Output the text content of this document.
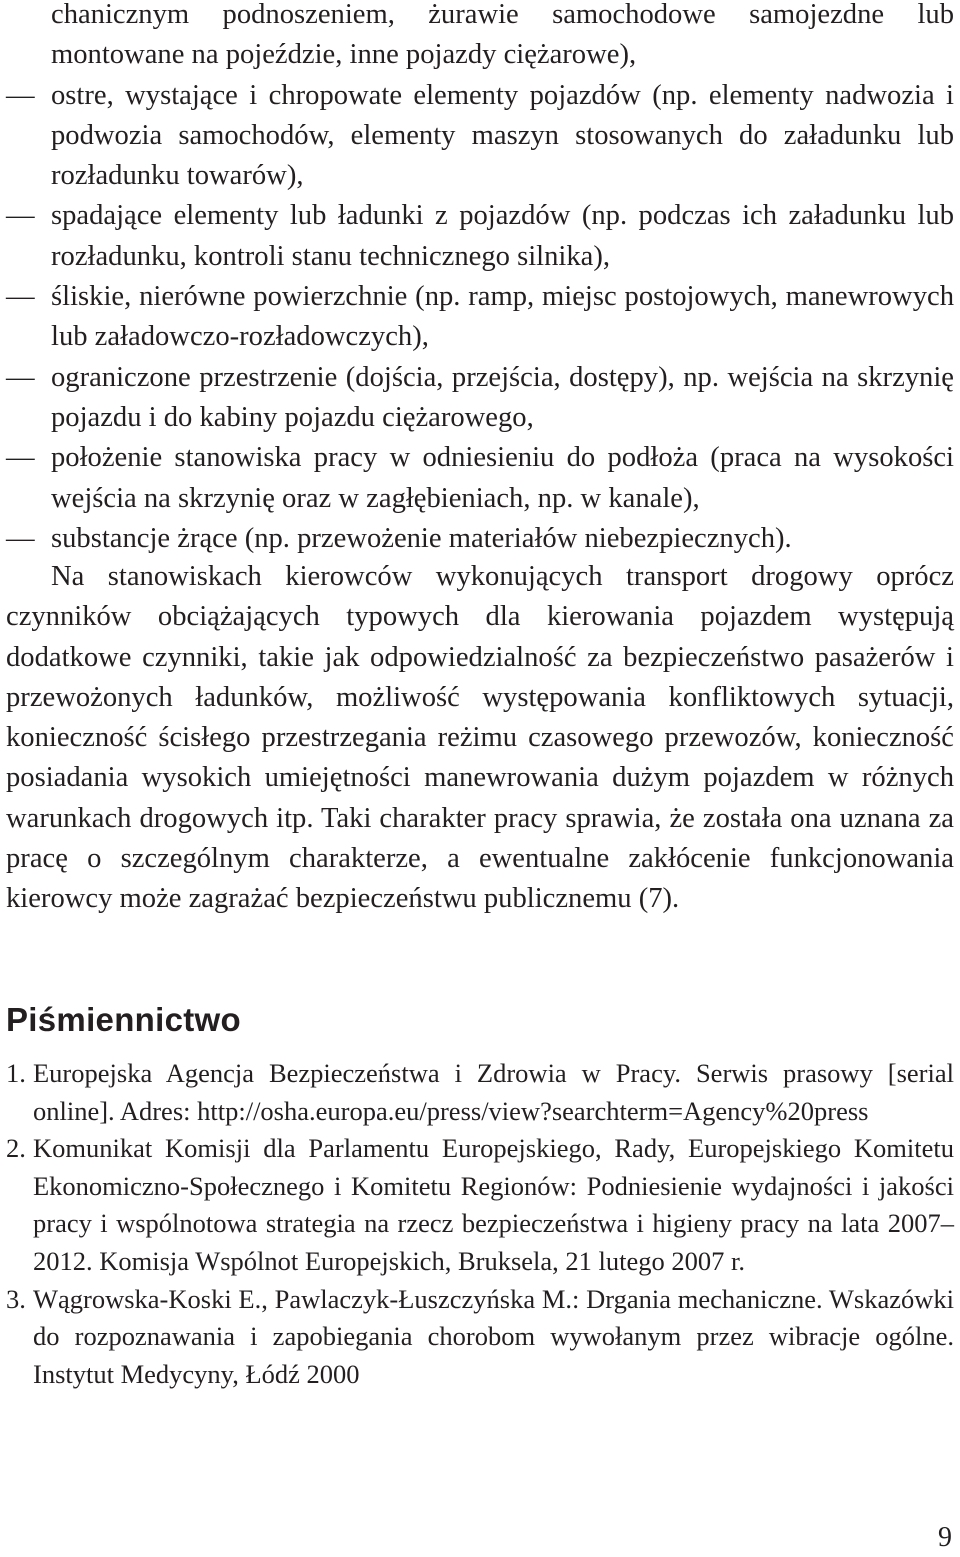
chanicznym podnoszeniem, żurawie samochodowe samojezdne lub montowane na pojeździe, inne pojazdy ciężarowe),
— ostre, wystające i chropowate elementy pojazdów (np. elementy nadwozia i podwozia samochodów, elementy maszyn stosowanych do załadunku lub rozładunku towarów),
— spadające elementy lub ładunki z pojazdów (np. podczas ich załadunku lub rozładunku, kontroli stanu technicznego silnika),
— śliskie, nierówne powierzchnie (np. ramp, miejsc postojowych, manewrowych lub załadowczo-rozładowczych),
— ograniczone przestrzenie (dojścia, przejścia, dostępy), np. wejścia na skrzynię pojazdu i do kabiny pojazdu ciężarowego,
— położenie stanowiska pracy w odniesieniu do podłoża (praca na wysokości wejścia na skrzynię oraz w zagłębieniach, np. w kanale),
— substancje żrące (np. przewożenie materiałów niebezpiecznych).
Na stanowiskach kierowców wykonujących transport drogowy oprócz czynników obciążających typowych dla kierowania pojazdem występują dodatkowe czynniki, takie jak odpowiedzialność za bezpieczeństwo pasażerów i przewożonych ładunków, możliwość występowania konfliktowych sytuacji, konieczność ścisłego przestrzegania reżimu czasowego przewozów, konieczność posiadania wysokich umiejętności manewrowania dużym pojazdem w różnych warunkach drogowych itp. Taki charakter pracy sprawia, że została ona uznana za pracę o szczególnym charakterze, a ewentualne zakłócenie funkcjonowania kierowcy może zagrażać bezpieczeństwu publicznemu (7).
Piśmiennictwo
1. Europejska Agencja Bezpieczeństwa i Zdrowia w Pracy. Serwis prasowy [serial online]. Adres: http://osha.europa.eu/press/view?searchterm=Agency%20press
2. Komunikat Komisji dla Parlamentu Europejskiego, Rady, Europejskiego Komitetu Ekonomiczno-Społecznego i Komitetu Regionów: Podniesienie wydajności i jakości pracy i wspólnotowa strategia na rzecz bezpieczeństwa i higieny pracy na lata 2007–2012. Komisja Wspólnot Europejskich, Bruksela, 21 lutego 2007 r.
3. Wągrowska-Koski E., Pawlaczyk-Łuszczyńska M.: Drgania mechaniczne. Wskazówki do rozpoznawania i zapobiegania chorobom wywołanym przez wibracje ogólne. Instytut Medycyny, Łódź 2000
9
